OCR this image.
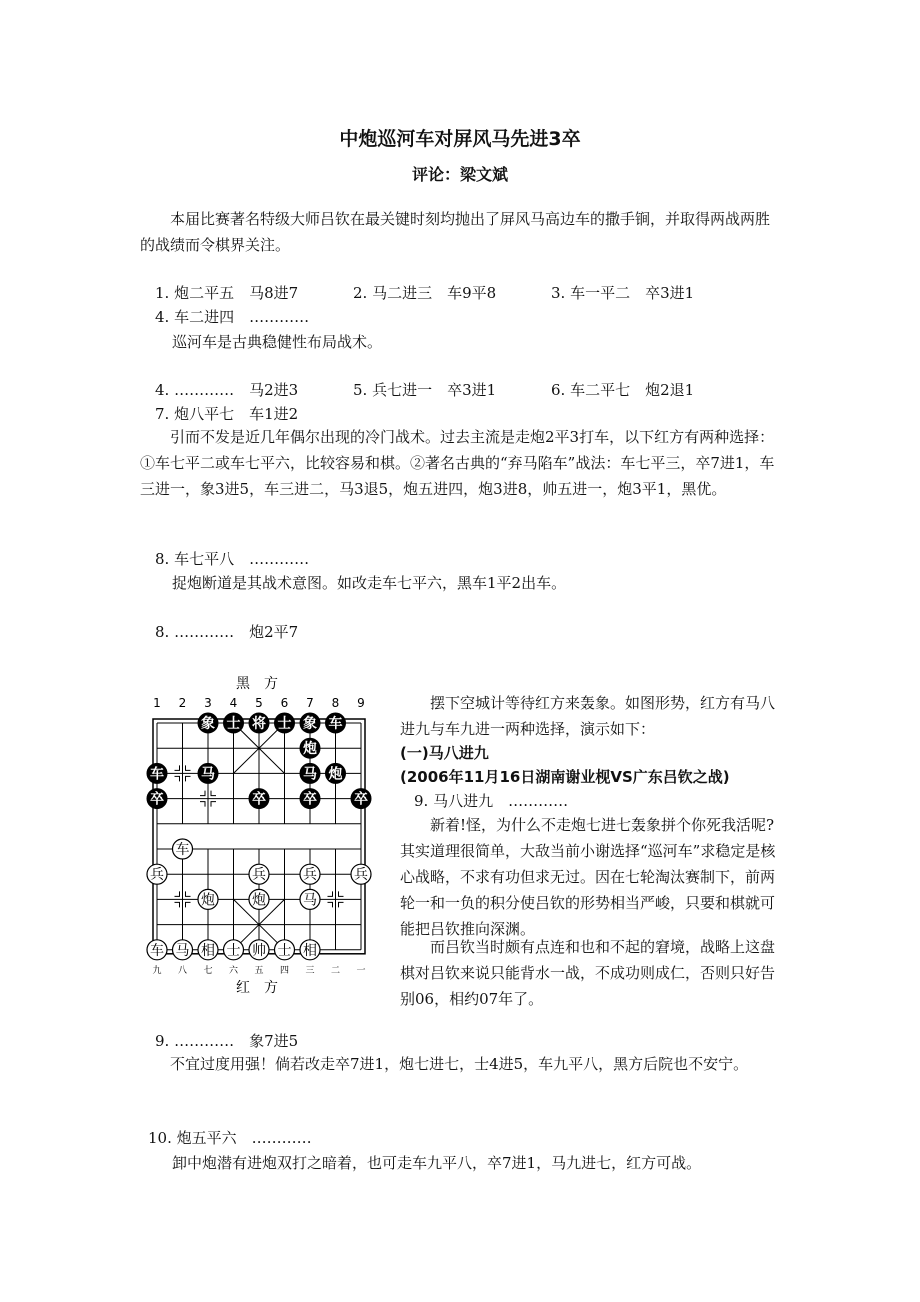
中炮巡河车对屏风马先进3卒
评论：梁文斌
本届比赛著名特级大师吕钦在最关键时刻均抛出了屏风马高边车的撒手锏，并取得两战两胜的战绩而令棋界关注。
1. 炮二平五　马8进7	2. 马二进三　车9平8	3. 车一平二　卒3进1
4. 车二进四　…………
巡河车是古典稳健性布局战术。
4. …………　马2进3	5. 兵七进一　卒3进1	6. 车二平七　炮2退1
7. 炮八平七　车1进2
引而不发是近几年偶尔出现的冷门战术。过去主流是走炮2平3打车，以下红方有两种选择：①车七平二或车七平六，比较容易和棋。②著名古典的“弃马陷车”战法：车七平三，卒7进1，车三进一，象3进5，车三进二，马3退5，炮五进四，炮3进8，帅五进一，炮3平1，黑优。
8. 车七平八　…………
捉炮断道是其战术意图。如改走车七平六，黑车1平2出车。
8. …………　炮2平7
黑　方
1 2 3 4 5 6 7 8 9
九 八 七 六 五 四 三 二 一
象 士 将 士 象 车
炮
车	马	马 炮
卒	卒	卒	卒
车
兵	兵	兵	兵
炮	炮	马
车 马 相 士 帅 士 相
红　方
摆下空城计等待红方来轰象。如图形势，红方有马八进九与车九进一两种选择，演示如下：
(一)马八进九
(2006年11月16日湖南谢业枧VS广东吕钦之战)
9. 马八进九　…………
新着!怪，为什么不走炮七进七轰象拼个你死我活呢?其实道理很简单，大敌当前小谢选择“巡河车”求稳定是核心战略，不求有功但求无过。因在七轮淘汰赛制下，前两轮一和一负的积分使吕钦的形势相当严峻，只要和棋就可能把吕钦推向深渊。
而吕钦当时颇有点连和也和不起的窘境，战略上这盘棋对吕钦来说只能背水一战，不成功则成仁，否则只好告别06，相约07年了。
9. …………　象7进5
不宜过度用强！倘若改走卒7进1，炮七进七，士4进5，车九平八，黑方后院也不安宁。
10. 炮五平六　…………
卸中炮潜有进炮双打之暗着，也可走车九平八，卒7进1，马九进七，红方可战。
